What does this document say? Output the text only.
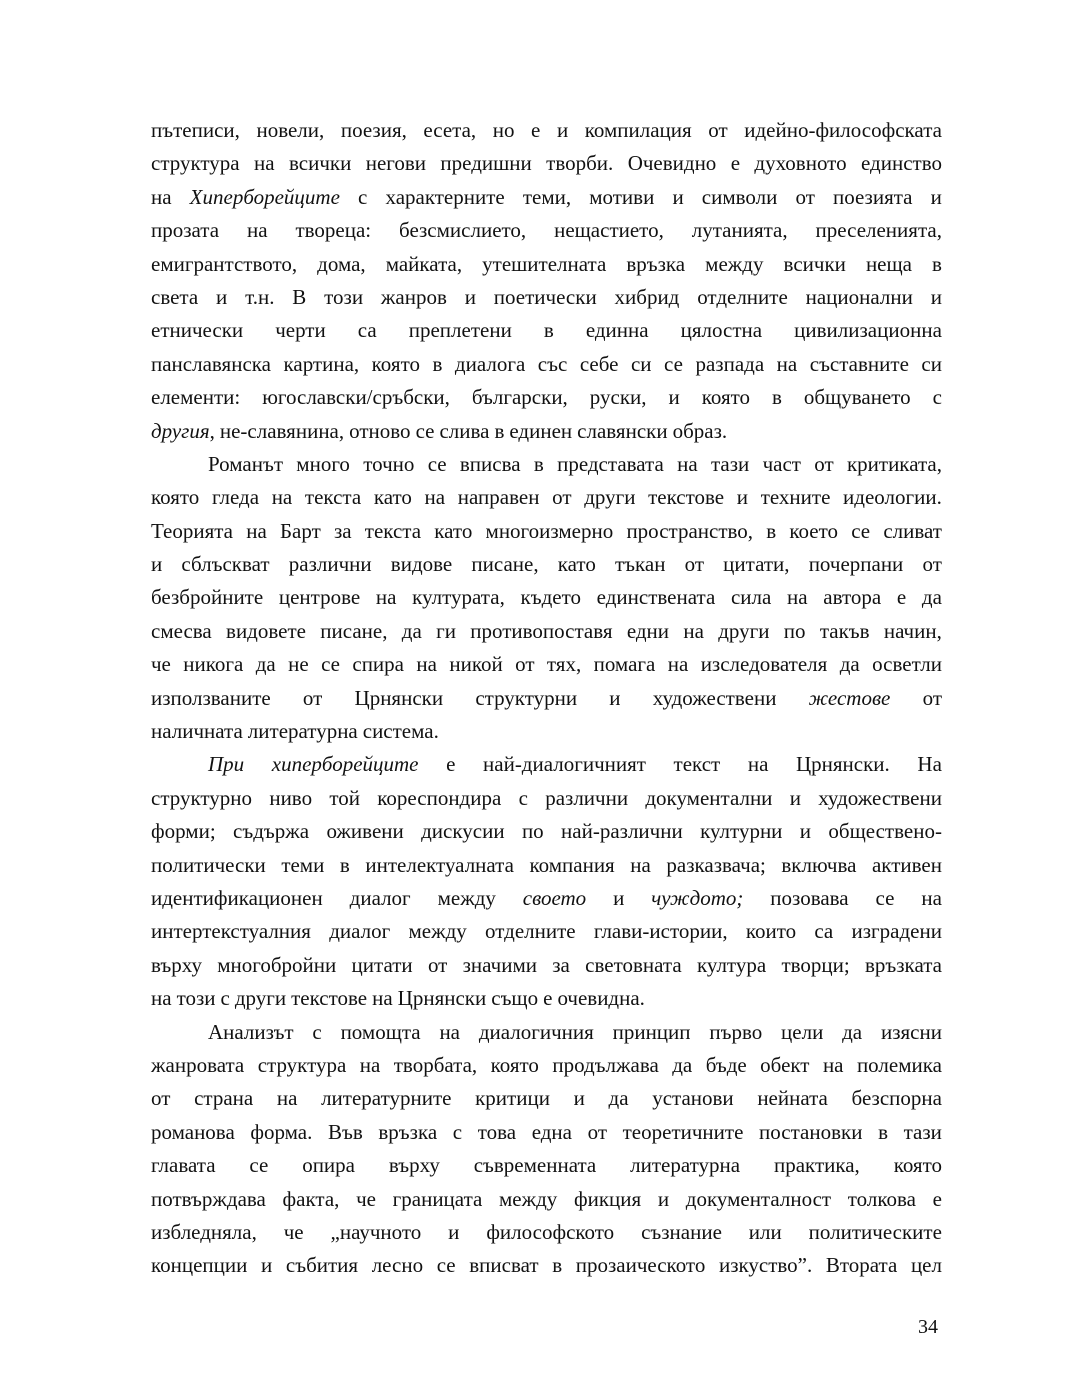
пътеписи, новели, поезия, есета, но е и компилация от идейно-философската
структура на всички негови предишни творби. Очевидно е духовното единство
на Хиперборейците с характерните теми, мотиви и символи от поезията и
прозата на твореца: безсмислието, нещастието, лутанията, преселенията,
емигрантството, дома, майката, утешителната връзка между всички неща в
света и т.н. В този жанров и поетически хибрид отделните национални и
етнически черти са преплетени в единна цялостна цивилизационна
панславянска картина, която в диалога със себе си се разпада на съставните си
елементи: югославски/сръбски, български, руски, и която в общуването с
другия , не-славянина, отново се слива в единен славянски образ.
Романът много точно се вписва в представата на тази част от критиката,
която гледа на текста като на направен от други текстове и техните идеологии.
Теорията на Барт за текста като многоизмерно пространство, в което се сливат
и сблъскват различни видове писане, като тъкан от цитати, почерпани от
безбройните центрове на културата, където единствената сила на автора е да
смесва видовете писане, да ги противопоставя едни на други по такъв начин,
че никога да не се спира на никой от тях, помага на изследователя да осветли
използваните от Црнянски структурни и художествени жестове от
наличната литературна система.
При хиперборейците е най-диалогичният текст на Црнянски. На
структурно ниво той кореспондира с различни документални и художествени
форми; съдържа оживени дискусии по най-различни културни и обществено-
политически теми в интелектуалната компания на разказвача; включва активен
идентификационен диалог между своето и чуждото; позовава се на
интертекстуалния диалог между отделните глави-истории, които са изградени
върху многобройни цитати от значими за световната култура творци; връзката
на този с други текстове на Црнянски също е очевидна.
Анализът с помощта на диалогичния принцип първо цели да изясни
жанровата структура на творбата, която продължава да бъде обект на полемика
от страна на литературните критици и да установи нейната безспорна
романова форма. Във връзка с това една от теоретичните постановки в тази
главата се опира върху съвременната литературна практика, която
потвърждава факта, че границата между фикция и документалност толкова е
избледняла, че „научното и философското съзнание или политическите
концепции и събития лесно се вписват в прозаическото изкуство”. Втората цел
34
